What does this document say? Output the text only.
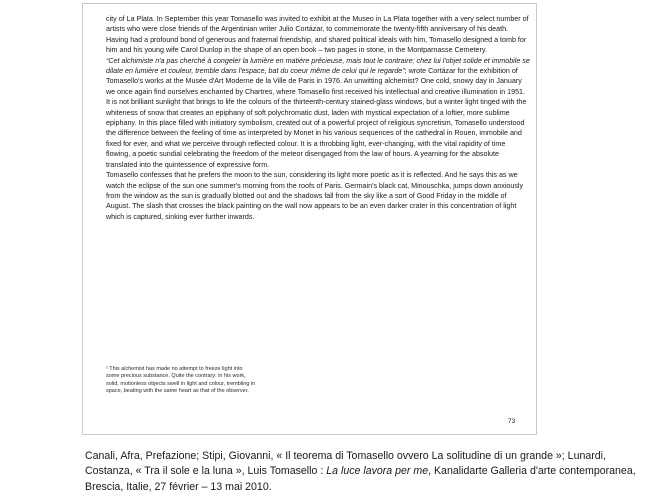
city of La Plata. In September this year Tomasello was invited to exhibit at the Museo in La Plata together with a very select number of artists who were close friends of the Argentinian writer Julio Cortázar, to commemorate the twenty-fifth anniversary of his death. Having had a profound bond of generous and fraternal friendship, and shared political ideals with him, Tomasello designed a tomb for him and his young wife Carol Dunlop in the shape of an open book – two pages in stone, in the Montparnasse Cemetery.

“Cet alchimiste n'a pas cherché à congeler la lumière en matière précieuse, mais tout le contraire: chez lui l'objet solide et immobile se dilate en lumière et couleur, tremble dans l'espace, bat du coeur même de celui qui le regarde”; wrote Cortázar for the exhibition of Tomasello's works at the Musée d'Art Moderne de la Ville de Paris in 1976. An unwitting alchemist? One cold, snowy day in January we once again find ourselves enchanted by Chartres, where Tomasello first received his intellectual and creative illumination in 1951. It is not brilliant sunlight that brings to life the colours of the thirteenth-century stained-glass windows, but a winter light tinged with the whiteness of snow that creates an epiphany of soft polychromatic dust, laden with mystical expectation of a loftier, more sublime epiphany. In this place filled with initiatory symbolism, created out of a powerful project of religious syncretism, Tomasello understood the difference between the feeling of time as interpreted by Monet in his various sequences of the cathedral in Rouen, immobile and fixed for ever, and what we perceive through reflected colour. It is a throbbing light, ever-changing, with the vital rapidity of time flowing, a poetic sundial celebrating the freedom of the meteor disengaged from the law of hours. A yearning for the absolute translated into the quintessence of expressive form.

Tomasello confesses that he prefers the moon to the sun, considering its light more poetic as it is reflected. And he says this as we watch the eclipse of the sun one summer's morning from the roofs of Paris. Germain's black cat, Minouschka, jumps down anxiously from the window as the sun is gradually blotted out and the shadows fall from the sky like a sort of Good Friday in the middle of August. The slash that crosses the black painting on the wall now appears to be an even darker crater in this concentration of light which is captured, sinking ever further inwards.

¹ This alchemist has made no attempt to freeze light into some precious substance. Quite the contrary: in his work, solid, motionless objects swell in light and colour, trembling in space, beating with the same heart as that of the observer.
73
Canali, Afra, Prefazione; Stipi, Giovanni, « Il teorema di Tomasello ovvero La solitudine di un grande »; Lunardi, Costanza, « Tra il sole e la luna », Luis Tomasello : La luce lavora per me, Kanalidarte Galleria d'arte contemporanea, Brescia, Italie, 27 février – 13 mai 2010.
